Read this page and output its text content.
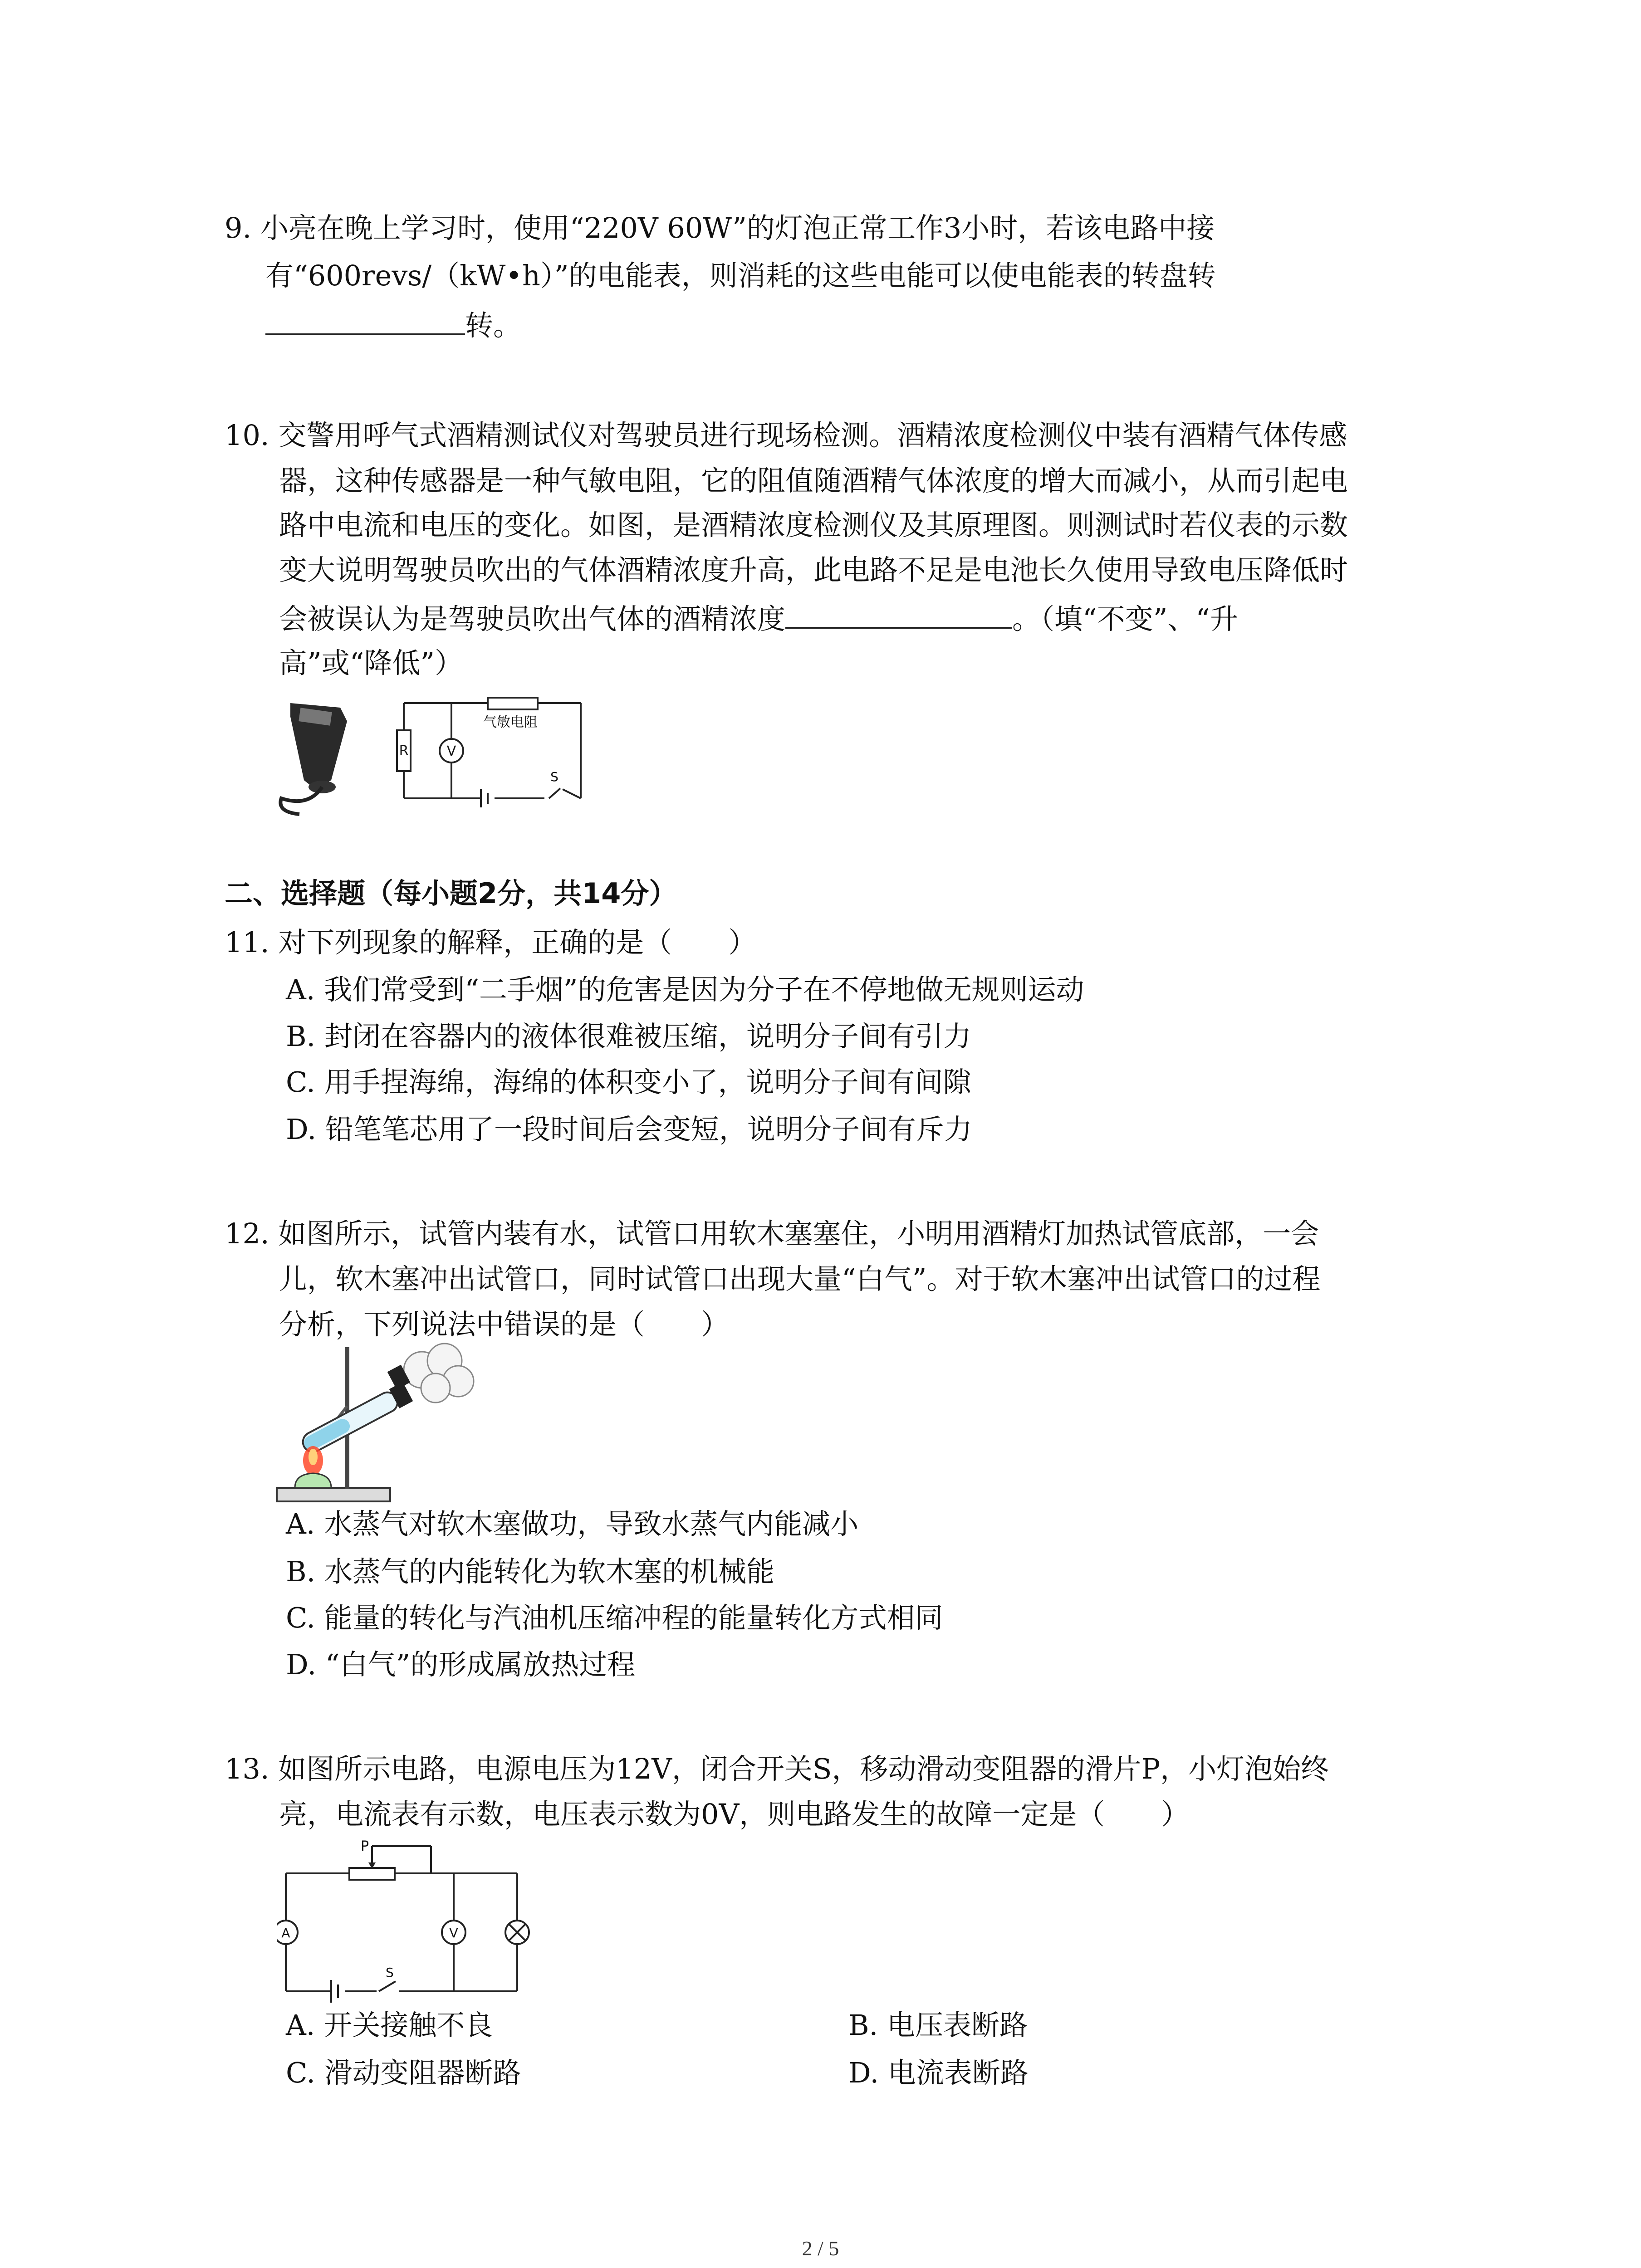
9. 小亮在晚上学习时，使用“220V 60W”的灯泡正常工作3小时，若该电路中接
有“600revs/（kW•h）”的电能表，则消耗的这些电能可以使电能表的转盘转
转。
10. 交警用呼气式酒精测试仪对驾驶员进行现场检测。酒精浓度检测仪中装有酒精气体传感
器，这种传感器是一种气敏电阻，它的阻值随酒精气体浓度的增大而减小，从而引起电
路中电流和电压的变化。如图，是酒精浓度检测仪及其原理图。则测试时若仪表的示数
变大说明驾驶员吹出的气体酒精浓度升高，此电路不足是电池长久使用导致电压降低时
会被误认为是驾驶员吹出气体的酒精浓度	。（填“不变”、“升
高”或“降低”）
R	V
气敏电阻
S
二、选择题（每小题2分，共14分）
11. 对下列现象的解释，正确的是（　　）
A. 我们常受到“二手烟”的危害是因为分子在不停地做无规则运动
B. 封闭在容器内的液体很难被压缩，说明分子间有引力
C. 用手捏海绵，海绵的体积变小了，说明分子间有间隙
D. 铅笔笔芯用了一段时间后会变短，说明分子间有斥力
12. 如图所示，试管内装有水，试管口用软木塞塞住，小明用酒精灯加热试管底部，一会
儿，软木塞冲出试管口，同时试管口出现大量“白气”。对于软木塞冲出试管口的过程
分析，下列说法中错误的是（　　）
A. 水蒸气对软木塞做功，导致水蒸气内能减小
B. 水蒸气的内能转化为软木塞的机械能
C. 能量的转化与汽油机压缩冲程的能量转化方式相同
D. “白气”的形成属放热过程
13. 如图所示电路，电源电压为12V，闭合开关S，移动滑动变阻器的滑片P，小灯泡始终
亮，电流表有示数，电压表示数为0V，则电路发生的故障一定是（　　）
P
A	V
S
A. 开关接触不良	B. 电压表断路
C. 滑动变阻器断路	D. 电流表断路
2 / 5
